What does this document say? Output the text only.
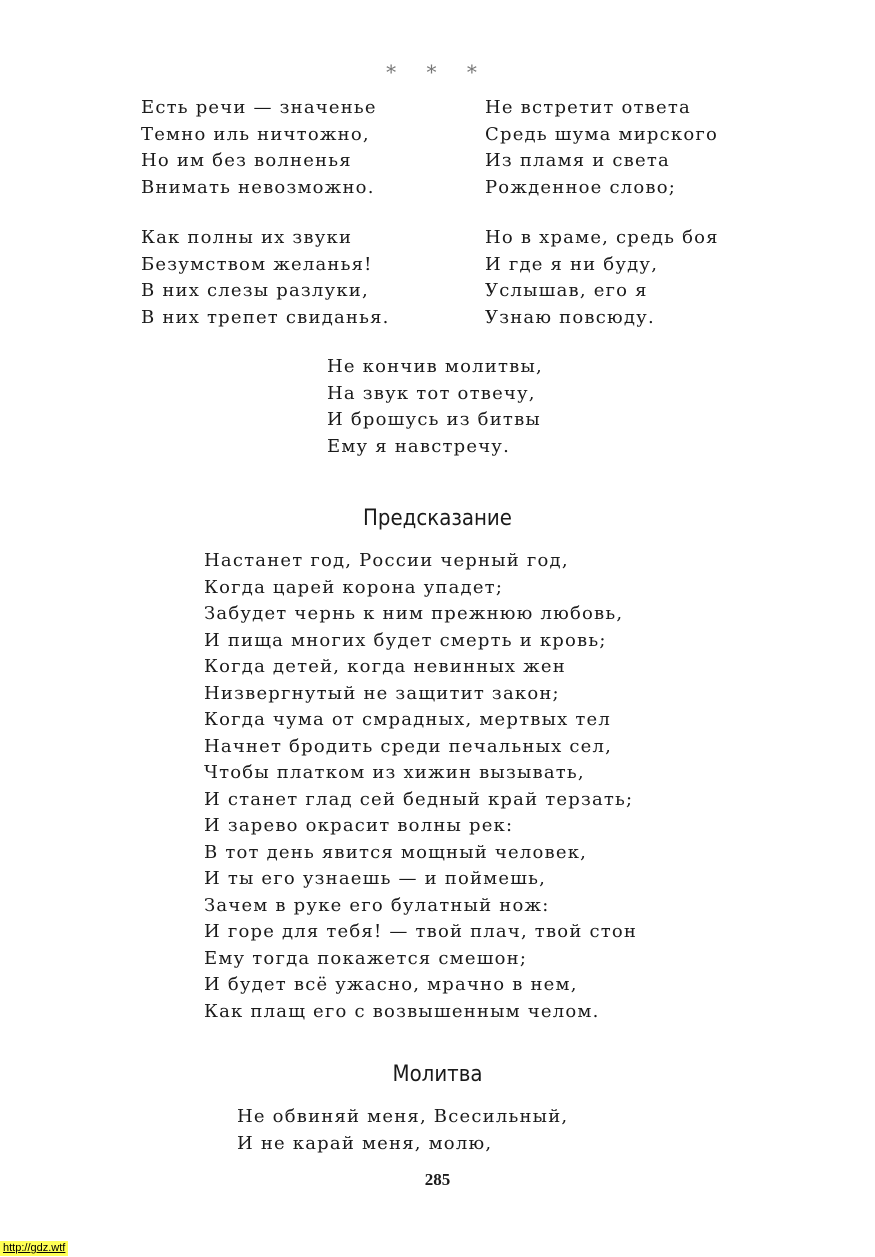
* * *
Есть речи — значенье
Темно иль ничтожно,
Но им без волненья
Внимать невозможно.
Не встретит ответа
Средь шума мирского
Из пламя и света
Рожденное слово;
Как полны их звуки
Безумством желанья!
В них слезы разлуки,
В них трепет свиданья.
Но в храме, средь боя
И где я ни буду,
Услышав, его я
Узнаю повсюду.
Не кончив молитвы,
На звук тот отвечу,
И брошусь из битвы
Ему я навстречу.
Предсказание
Настанет год, России черный год,
Когда царей корона упадет;
Забудет чернь к ним прежнюю любовь,
И пища многих будет смерть и кровь;
Когда детей, когда невинных жен
Низвергнутый не защитит закон;
Когда чума от смрадных, мертвых тел
Начнет бродить среди печальных сел,
Чтобы платком из хижин вызывать,
И станет глад сей бедный край терзать;
И зарево окрасит волны рек:
В тот день явится мощный человек,
И ты его узнаешь — и поймешь,
Зачем в руке его булатный нож:
И горе для тебя! — твой плач, твой стон
Ему тогда покажется смешон;
И будет всё ужасно, мрачно в нем,
Как плащ его с возвышенным челом.
Молитва
Не обвиняй меня, Всесильный,
И не карай меня, молю,
285
http://gdz.wtf
